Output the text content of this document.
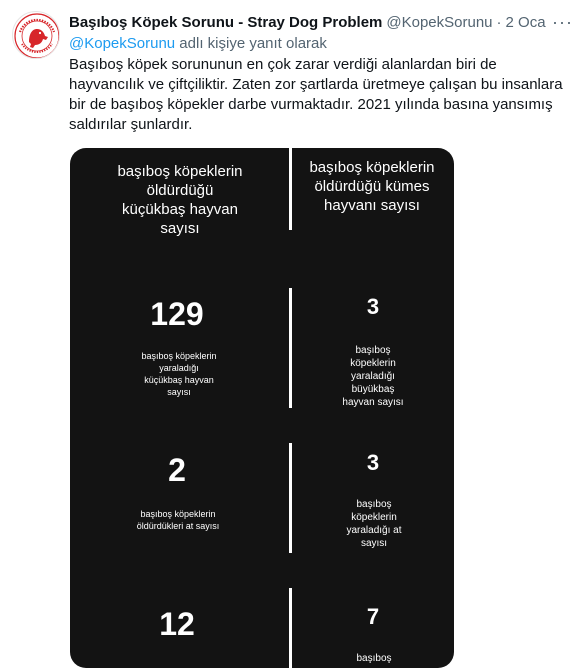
Başıboş Köpek Sorunu - Stray Dog Problem @KopekSorunu · 2 Oca ···
@KopekSorunu adlı kişiye yanıt olarak
Başıboş köpek sorununun en çok zarar verdiği alanlardan biri de hayvancılık ve çiftçiliktir. Zaten zor şartlarda üretmeye çalışan bu insanlara bir de başıboş köpekler darbe vurmaktadır. 2021 yılında basına yansımış saldırılar şunlardır.
başıboş köpeklerin öldürdüğü küçükbaş hayvan sayısı
başıboş köpeklerin öldürdüğü kümes hayvanı sayısı
129
başıboş köpeklerin yaraladığı küçükbaş hayvan sayısı
3
başıboş köpeklerin yaraladığı büyükbaş hayvan sayısı
2
başıboş köpeklerin öldürdükleri at sayısı
3
başıboş köpeklerin yaraladığı at sayısı
12	7
başıboş
